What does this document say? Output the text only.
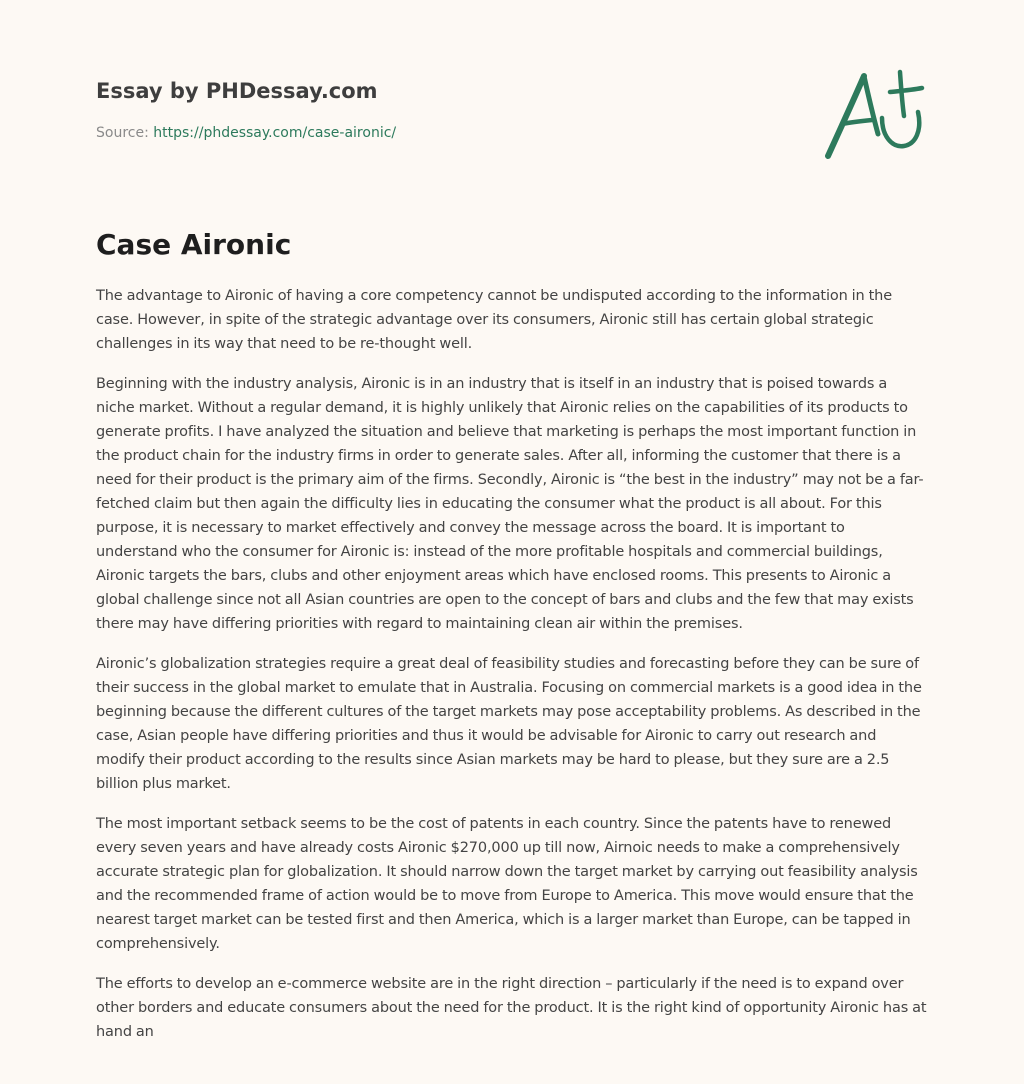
Essay by PHDessay.com
Source: https://phdessay.com/case-aironic/
Case Aironic

The advantage to Aironic of having a core competency cannot be undisputed according to the information in the case. However, in spite of the strategic advantage over its consumers, Aironic still has certain global strategic challenges in its way that need to be re-thought well.

Beginning with the industry analysis, Aironic is in an industry that is itself in an industry that is poised towards a niche market. Without a regular demand, it is highly unlikely that Aironic relies on the capabilities of its products to generate profits. I have analyzed the situation and believe that marketing is perhaps the most important function in the product chain for the industry firms in order to generate sales. After all, informing the customer that there is a need for their product is the primary aim of the firms. Secondly, Aironic is “the best in the industry” may not be a far-fetched claim but then again the difficulty lies in educating the consumer what the product is all about. For this purpose, it is necessary to market effectively and convey the message across the board. It is important to understand who the consumer for Aironic is: instead of the more profitable hospitals and commercial buildings, Aironic targets the bars, clubs and other enjoyment areas which have enclosed rooms. This presents to Aironic a global challenge since not all Asian countries are open to the concept of bars and clubs and the few that may exists there may have differing priorities with regard to maintaining clean air within the premises.

Aironic’s globalization strategies require a great deal of feasibility studies and forecasting before they can be sure of their success in the global market to emulate that in Australia. Focusing on commercial markets is a good idea in the beginning because the different cultures of the target markets may pose acceptability problems. As described in the case, Asian people have differing priorities and thus it would be advisable for Aironic to carry out research and modify their product according to the results since Asian markets may be hard to please, but they sure are a 2.5 billion plus market.

The most important setback seems to be the cost of patents in each country. Since the patents have to renewed every seven years and have already costs Aironic $270,000 up till now, Airnoic needs to make a comprehensively accurate strategic plan for globalization. It should narrow down the target market by carrying out feasibility analysis and the recommended frame of action would be to move from Europe to America. This move would ensure that the nearest target market can be tested first and then America, which is a larger market than Europe, can be tapped in comprehensively.

The efforts to develop an e-commerce website are in the right direction – particularly if the need is to expand over other borders and educate consumers about the need for the product. It is the right kind of opportunity Aironic has at hand an
